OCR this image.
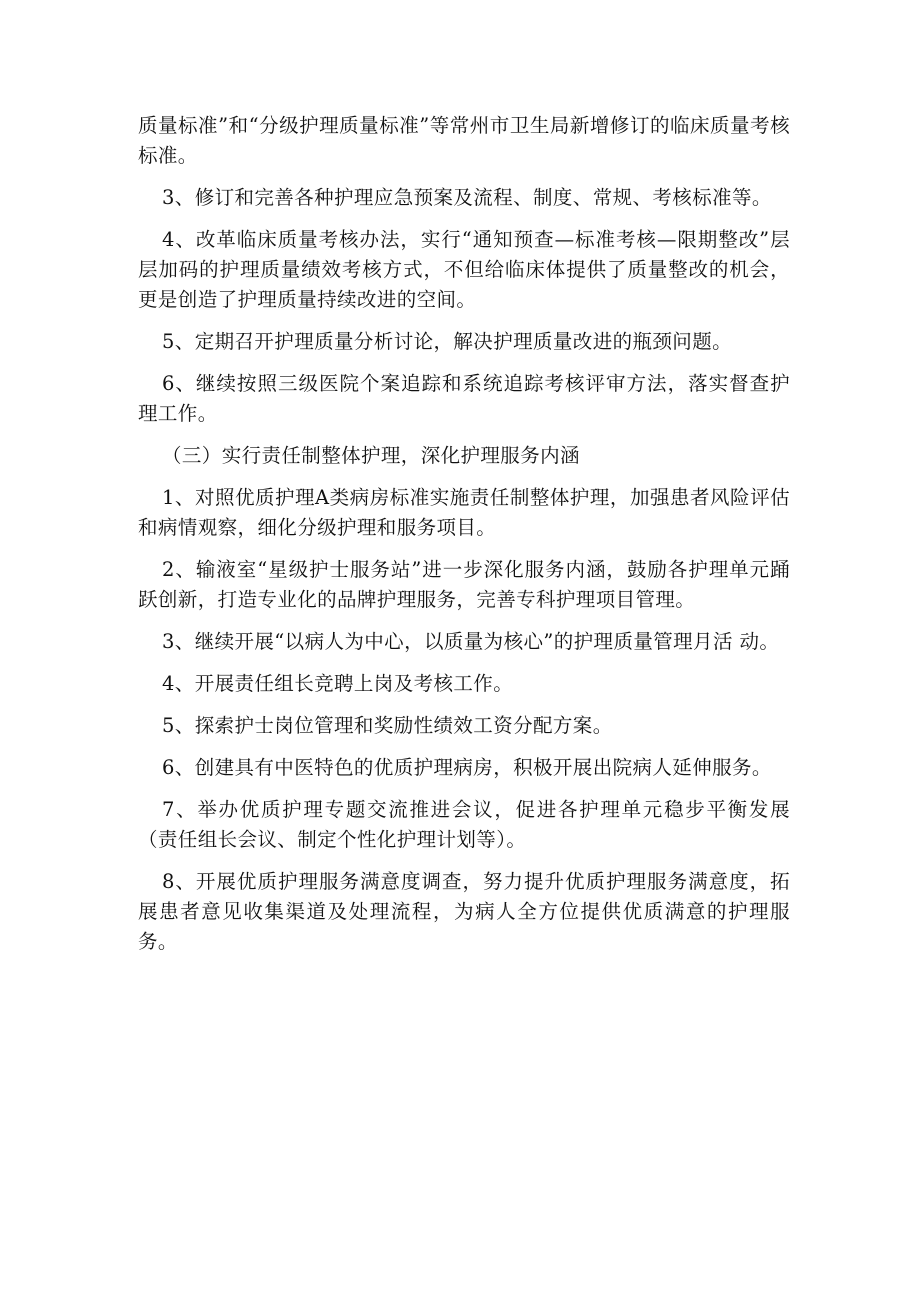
质量标准”和“分级护理质量标准”等常州市卫生局新增修订的临床质量考核标准。

3、修订和完善各种护理应急预案及流程、制度、常规、考核标准等。

4、改革临床质量考核办法，实行“通知预查—标准考核—限期整改”层层加码的护理质量绩效考核方式，不但给临床体提供了质量整改的机会，更是创造了护理质量持续改进的空间。

5、定期召开护理质量分析讨论，解决护理质量改进的瓶颈问题。

6、继续按照三级医院个案追踪和系统追踪考核评审方法，落实督查护理工作。

（三）实行责任制整体护理，深化护理服务内涵

1、对照优质护理A类病房标准实施责任制整体护理，加强患者风险评估和病情观察，细化分级护理和服务项目。

2、输液室“星级护士服务站”进一步深化服务内涵，鼓励各护理单元踊跃创新，打造专业化的品牌护理服务，完善专科护理项目管理。

3、继续开展“以病人为中心，以质量为核心”的护理质量管理月活 动。

4、开展责任组长竞聘上岗及考核工作。

5、探索护士岗位管理和奖励性绩效工资分配方案。

6、创建具有中医特色的优质护理病房，积极开展出院病人延伸服务。

7、举办优质护理专题交流推进会议，促进各护理单元稳步平衡发展（责任组长会议、制定个性化护理计划等）。

8、开展优质护理服务满意度调查，努力提升优质护理服务满意度，拓展患者意见收集渠道及处理流程，为病人全方位提供优质满意的护理服务。
